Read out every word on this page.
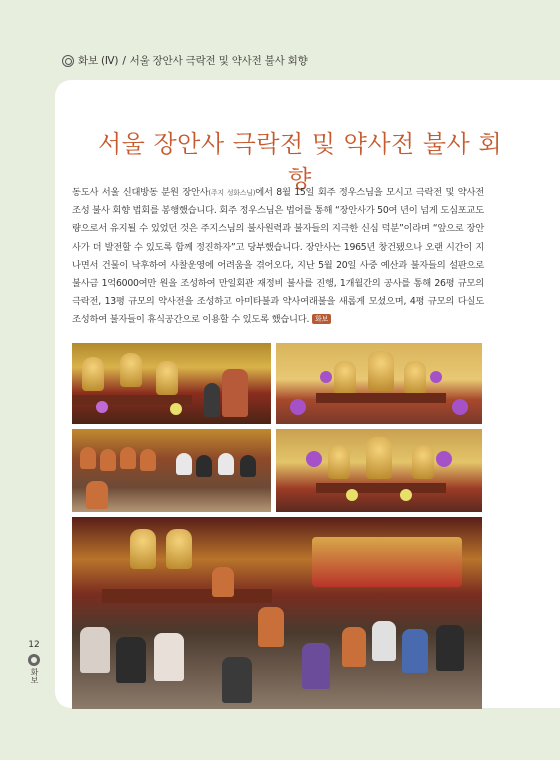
화보 (Ⅳ) / 서울 장안사 극락전 및 약사전 불사 회향
서울 장안사 극락전 및 약사전 불사 회향
동도사 서울 신대방동 분원 장안사(주지 성화스님)에서 8월 15일 회주 정우스님을 모시고 극락전 및 약사전 조성 불사 회향 법회를 봉행했습니다. 회주 정우스님은 법어를 통해 “장안사가 50여 년이 넘게 도심포교도량으로서 유지될 수 있었던 것은 주지스님의 불사원력과 불자들의 지극한 신심 덕분”이라며 “앞으로 장안사가 더 발전할 수 있도록 함께 정진하자”고 당부했습니다. 장안사는 1965년 창건됐으나 오랜 시간이 지나면서 건물이 낙후하여 사찰운영에 어려움을 겪어오다, 지난 5월 20일 사중 예산과 불자들의 설판으로 불사금 1억6000여만 원을 조성하여 만일회관 재정비 불사를 진행, 1개월간의 공사를 통해 26평 규모의 극락전, 13평 규모의 약사전을 조성하고 아미타불과 약사여래불을 새롭게 모셨으며, 4평 규모의 다실도 조성하여 불자들이 휴식공간으로 이용할 수 있도록 했습니다. 화보
12
화보
